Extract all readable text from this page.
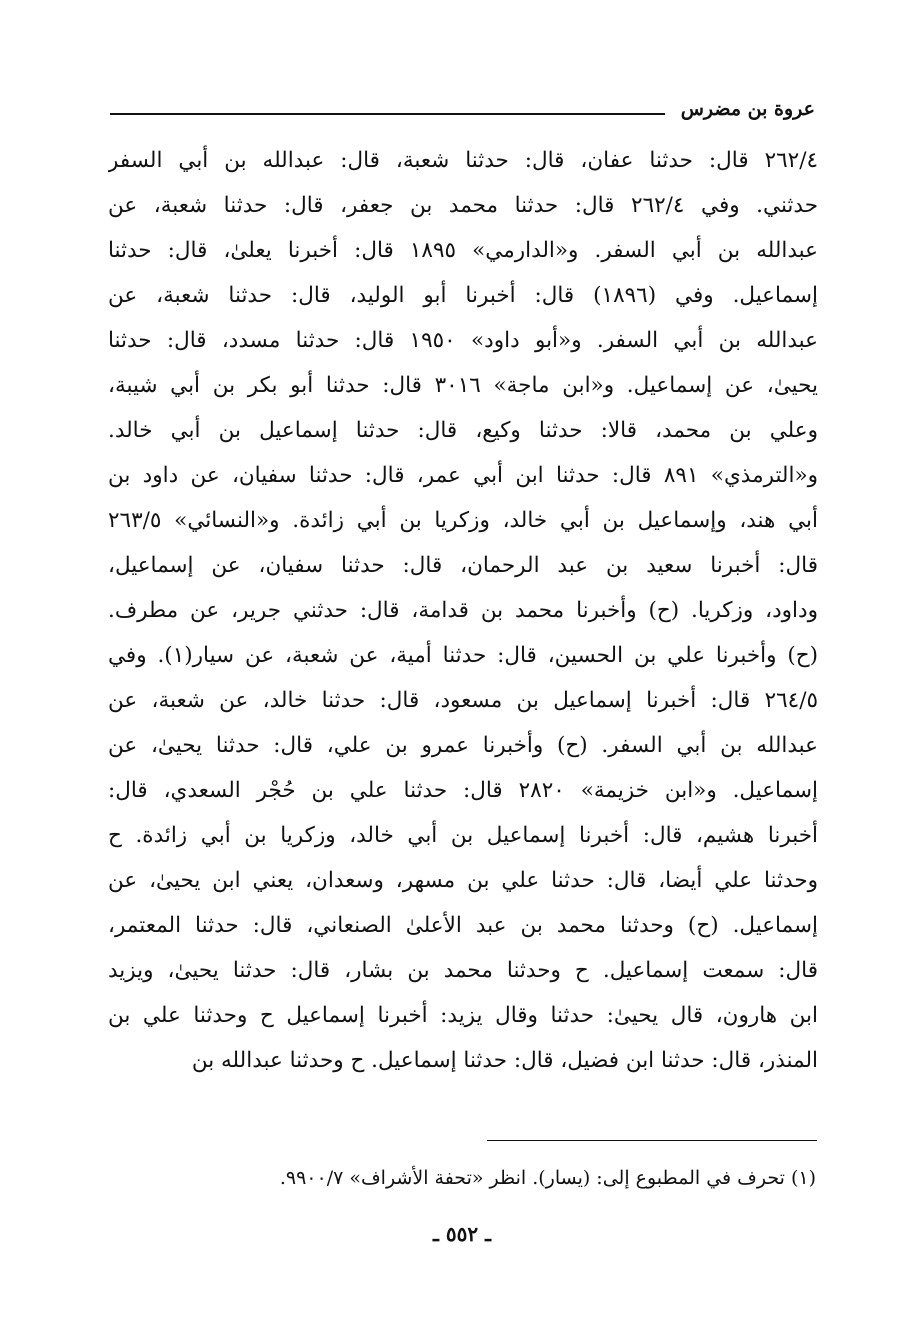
عروة بن مضرس
٢٦٢/٤ قال: حدثنا عفان، قال: حدثنا شعبة، قال: عبدالله بن أبي السفر
حدثني. وفي ٢٦٢/٤ قال: حدثنا محمد بن جعفر، قال: حدثنا شعبة، عن
عبدالله بن أبي السفر. و«الدارمي» ١٨٩٥ قال: أخبرنا يعلىٰ، قال: حدثنا
إسماعيل. وفي (١٨٩٦) قال: أخبرنا أبو الوليد، قال: حدثنا شعبة، عن
عبدالله بن أبي السفر. و«أبو داود» ١٩٥٠ قال: حدثنا مسدد، قال: حدثنا
يحيىٰ، عن إسماعيل. و«ابن ماجة» ٣٠١٦ قال: حدثنا أبو بكر بن أبي شيبة،
وعلي بن محمد، قالا: حدثنا وكيع، قال: حدثنا إسماعيل بن أبي خالد.
و«الترمذي» ٨٩١ قال: حدثنا ابن أبي عمر، قال: حدثنا سفيان، عن داود بن
أبي هند، وإسماعيل بن أبي خالد، وزكريا بن أبي زائدة. و«النسائي» ٢٦٣/٥
قال: أخبرنا سعيد بن عبد الرحمان، قال: حدثنا سفيان، عن إسماعيل،
وداود، وزكريا. (ح) وأخبرنا محمد بن قدامة، قال: حدثني جرير، عن مطرف.
(ح) وأخبرنا علي بن الحسين، قال: حدثنا أمية، عن شعبة، عن سيار(١). وفي
٢٦٤/٥ قال: أخبرنا إسماعيل بن مسعود، قال: حدثنا خالد، عن شعبة، عن
عبدالله بن أبي السفر. (ح) وأخبرنا عمرو بن علي، قال: حدثنا يحيىٰ، عن
إسماعيل. و«ابن خزيمة» ٢٨٢٠ قال: حدثنا علي بن حُجْر السعدي، قال:
أخبرنا هشيم، قال: أخبرنا إسماعيل بن أبي خالد، وزكريا بن أبي زائدة. ح
وحدثنا علي أيضا، قال: حدثنا علي بن مسهر، وسعدان، يعني ابن يحيىٰ، عن
إسماعيل. (ح) وحدثنا محمد بن عبد الأعلىٰ الصنعاني، قال: حدثنا المعتمر،
قال: سمعت إسماعيل. ح وحدثنا محمد بن بشار، قال: حدثنا يحيىٰ، ويزيد
ابن هارون، قال يحيىٰ: حدثنا وقال يزيد: أخبرنا إسماعيل ح وحدثنا علي بن
المنذر، قال: حدثنا ابن فضيل، قال: حدثنا إسماعيل. ح وحدثنا عبدالله بن
(١) تحرف في المطبوع إلى: (يسار). انظر «تحفة الأشراف» ٩٩٠٠/٧.
ـ ٥٥٢ ـ
